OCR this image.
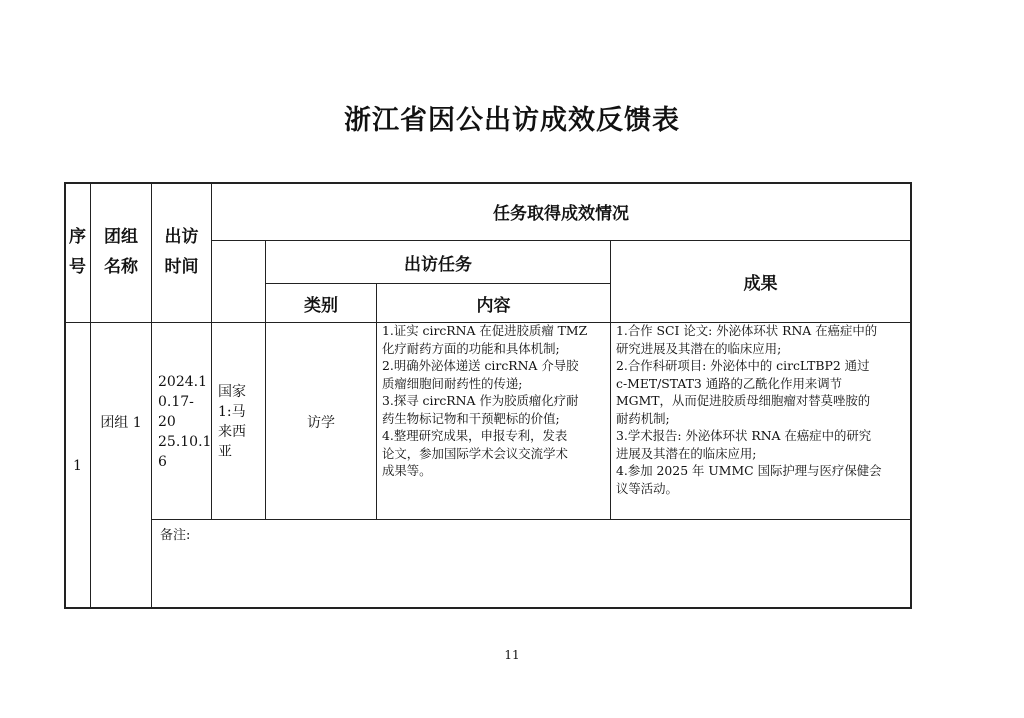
浙江省因公出访成效反馈表
序
号
团组
名称
出访
时间
任务取得成效情况
出访任务
类别	内容
成果
1
团组 1
2024.1
0.17-20
25.10.1
6
国家
1:马
来西
亚
访学
1.证实 circRNA 在促进胶质瘤 TMZ
化疗耐药方面的功能和具体机制;
2.明确外泌体递送 circRNA 介导胶
质瘤细胞间耐药性的传递;
3.探寻 circRNA 作为胶质瘤化疗耐
药生物标记物和干预靶标的价值;
4.整理研究成果，申报专利，发表
论文，参加国际学术会议交流学术
成果等。
1.合作 SCI 论文: 外泌体环状 RNA 在癌症中的
研究进展及其潜在的临床应用;
2.合作科研项目: 外泌体中的 circLTBP2 通过
c-MET/STAT3 通路的乙酰化作用来调节
MGMT，从而促进胶质母细胞瘤对替莫唑胺的
耐药机制;
3.学术报告: 外泌体环状 RNA 在癌症中的研究
进展及其潜在的临床应用;
4.参加 2025 年 UMMC 国际护理与医疗保健会
议等活动。
备注:
11
